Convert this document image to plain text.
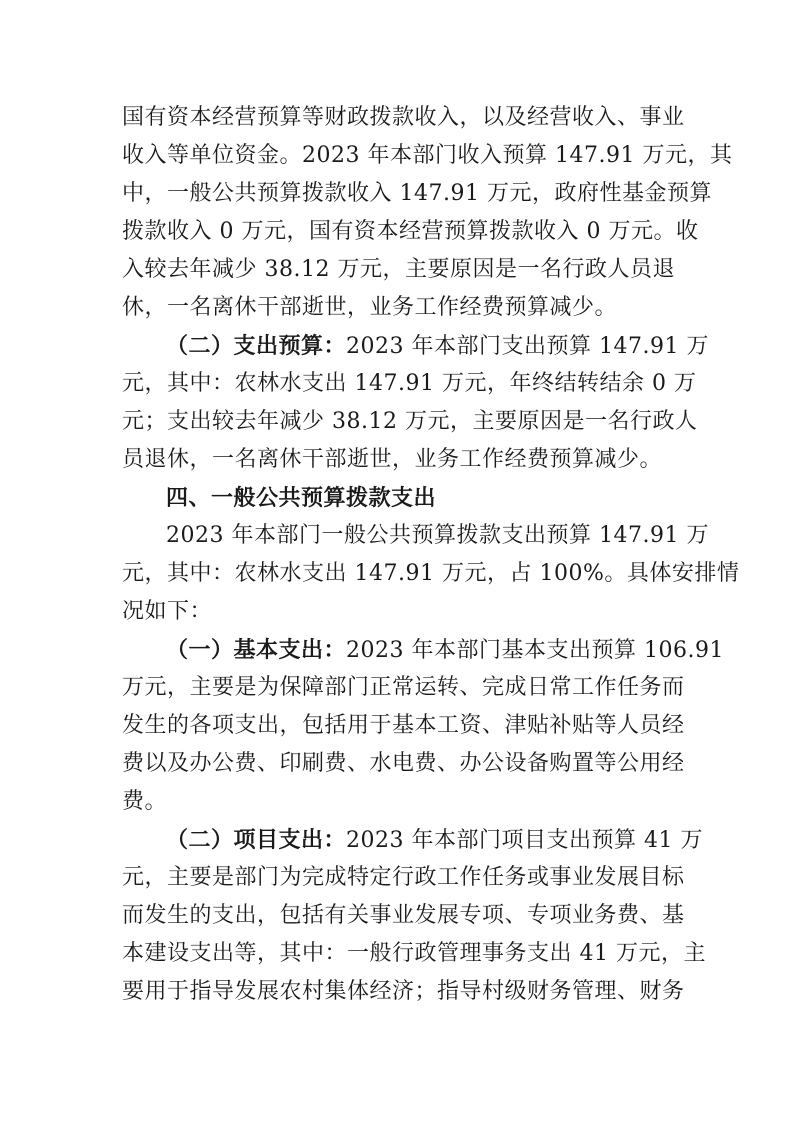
国有资本经营预算等财政拨款收入，以及经营收入、事业
收入等单位资金。2023 年本部门收入预算 147.91 万元，其
中，一般公共预算拨款收入 147.91 万元，政府性基金预算
拨款收入 0 万元，国有资本经营预算拨款收入 0 万元。收
入较去年减少 38.12 万元，主要原因是一名行政人员退
休，一名离休干部逝世，业务工作经费预算减少。
（二）支出预算：2023 年本部门支出预算 147.91 万
元，其中：农林水支出 147.91 万元，年终结转结余 0 万
元；支出较去年减少 38.12 万元，主要原因是一名行政人
员退休，一名离休干部逝世，业务工作经费预算减少。
四、一般公共预算拨款支出
2023 年本部门一般公共预算拨款支出预算 147.91 万
元，其中：农林水支出 147.91 万元，占 100%。具体安排情
况如下：
（一）基本支出：2023 年本部门基本支出预算 106.91
万元，主要是为保障部门正常运转、完成日常工作任务而
发生的各项支出，包括用于基本工资、津贴补贴等人员经
费以及办公费、印刷费、水电费、办公设备购置等公用经
费。
（二）项目支出：2023 年本部门项目支出预算 41 万
元，主要是部门为完成特定行政工作任务或事业发展目标
而发生的支出，包括有关事业发展专项、专项业务费、基
本建设支出等，其中：一般行政管理事务支出 41 万元，主
要用于指导发展农村集体经济；指导村级财务管理、财务
